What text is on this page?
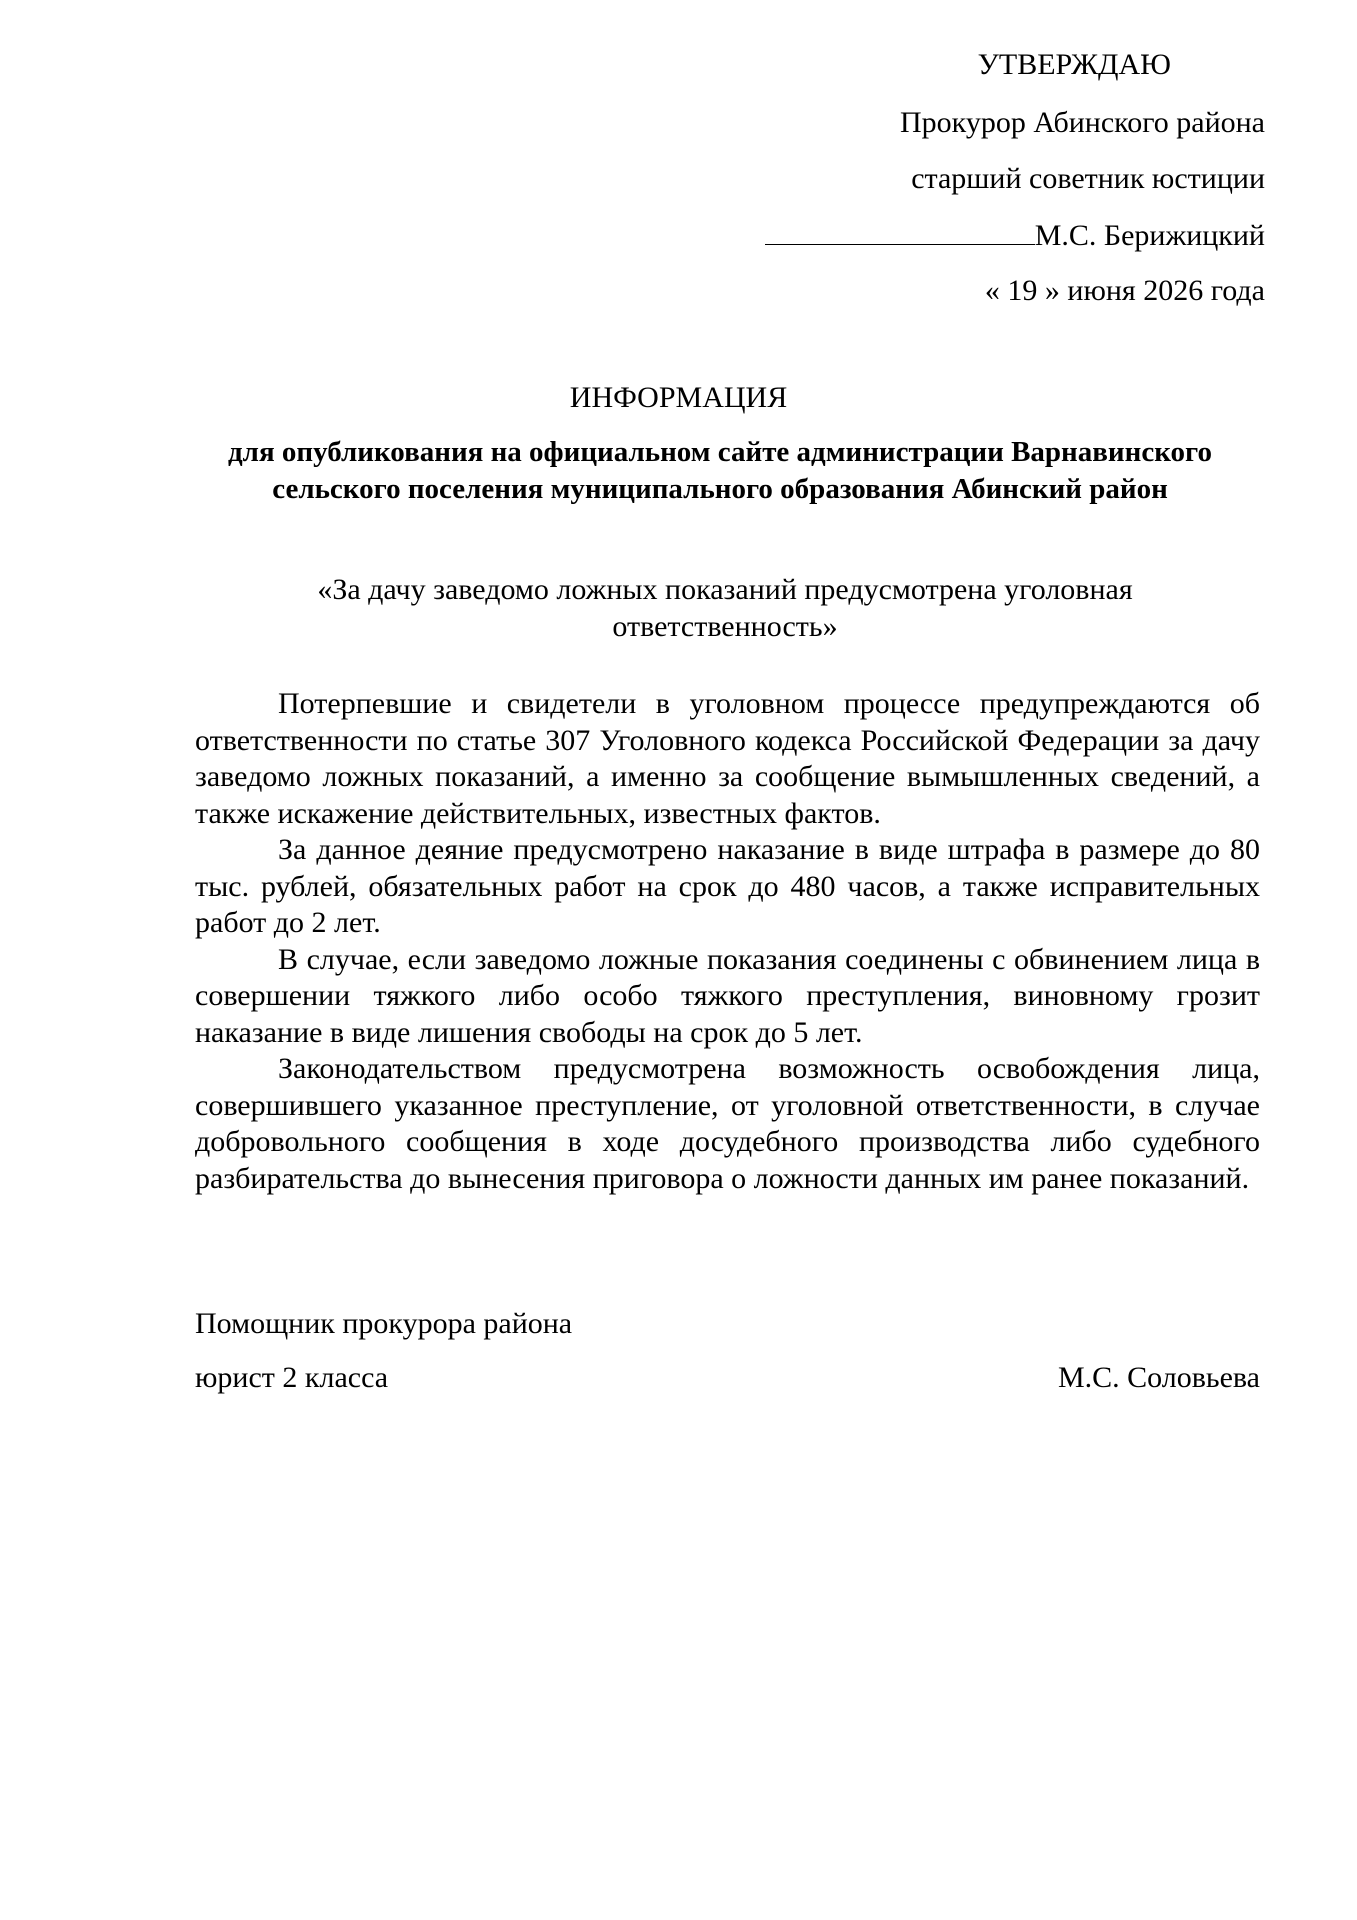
УТВЕРЖДАЮ
Прокурор Абинского района
старший советник юстиции
М.С. Берижицкий
« 19 » июня 2026 года
ИНФОРМАЦИЯ
для опубликования на официальном сайте администрации Варнавинского сельского поселения муниципального образования Абинский район
«За дачу заведомо ложных показаний предусмотрена уголовная ответственность»

Потерпевшие и свидетели в уголовном процессе предупреждаются об ответственности по статье 307 Уголовного кодекса Российской Федерации за дачу заведомо ложных показаний, а именно за сообщение вымышленных сведений, а также искажение действительных, известных фактов.

За данное деяние предусмотрено наказание в виде штрафа в размере до 80 тыс. рублей, обязательных работ на срок до 480 часов, а также исправительных работ до 2 лет.

В случае, если заведомо ложные показания соединены с обвинением лица в совершении тяжкого либо особо тяжкого преступления, виновному грозит наказание в виде лишения свободы на срок до 5 лет.

Законодательством предусмотрена возможность освобождения лица, совершившего указанное преступление, от уголовной ответственности, в случае добровольного сообщения в ходе досудебного производства либо судебного разбирательства до вынесения приговора о ложности данных им ранее показаний.

Помощник прокурора района
юрист 2 класса	М.С. Соловьева
